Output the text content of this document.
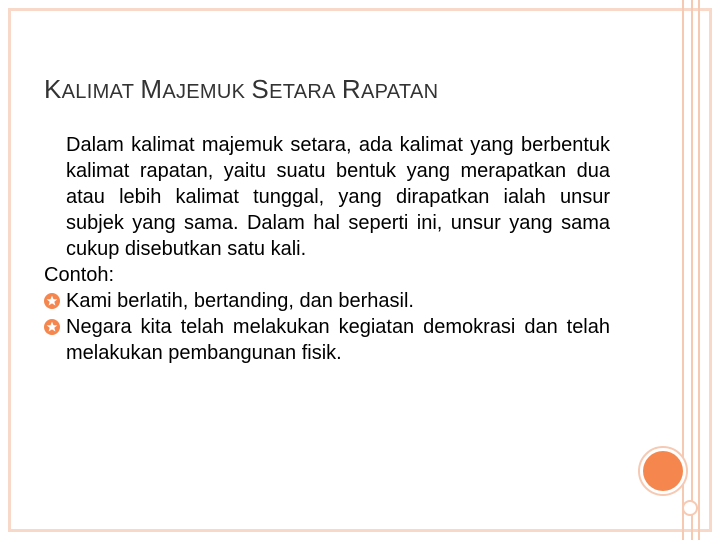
KALIMAT MAJEMUK SETARA RAPATAN

Dalam kalimat majemuk setara, ada kalimat yang berbentuk kalimat rapatan, yaitu suatu bentuk yang merapatkan dua atau lebih kalimat tunggal, yang dirapatkan ialah unsur subjek yang sama. Dalam hal seperti ini, unsur yang sama cukup disebutkan satu kali.

Contoh:

Kami berlatih, bertanding, dan berhasil.
Negara kita telah melakukan kegiatan demokrasi dan telah melakukan pembangunan fisik.
